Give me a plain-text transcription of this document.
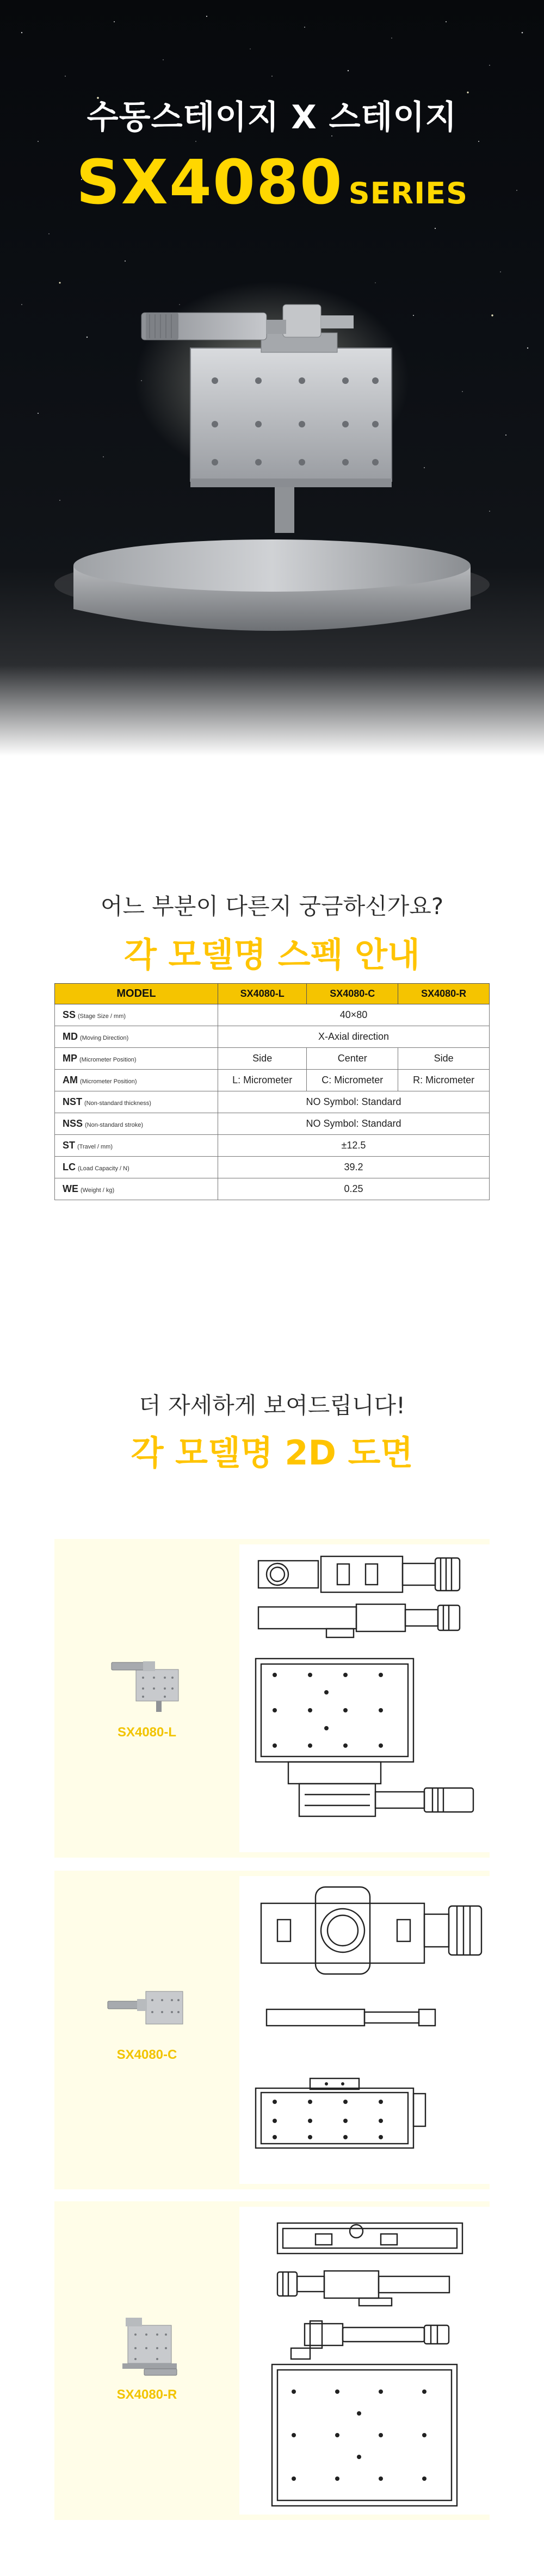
수동스테이지 X 스테이지
SX4080 SERIES
어느 부분이 다른지 궁금하신가요?
각 모델명 스펙 안내
MODEL	SX4080-L	SX4080-C	SX4080-R
SS (Stage Size / mm)	40×80		
MD (Moving Direction)	X-Axial direction		
MP (Micrometer Position)	Side	Center	Side
AM (Micrometer Position)	L: Micrometer	C: Micrometer	R: Micrometer
NST (Non-standard thickness)	NO Symbol: Standard		
NSS (Non-standard stroke)	NO Symbol: Standard		
ST (Travel / mm)	±12.5		
LC (Load Capacity / N)	39.2		
WE (Weight / kg)	0.25		
더 자세하게 보여드립니다!
각 모델명 2D 도면
SX4080-L
SX4080-C
SX4080-R
